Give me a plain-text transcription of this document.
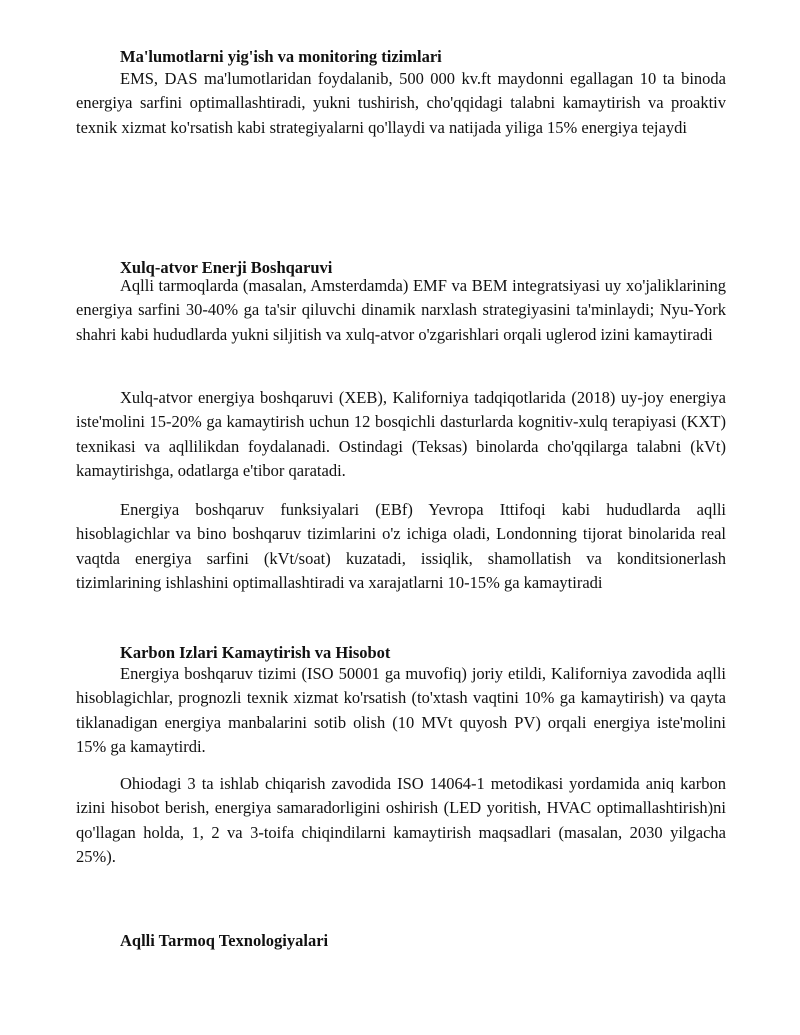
Ma'lumotlarni yig'ish va monitoring tizimlari

EMS, DAS ma'lumotlaridan foydalanib, 500 000 kv.ft maydonni egallagan 10 ta binoda energiya sarfini optimallashtiradi, yukni tushirish, cho'qqidagi talabni kamaytirish va proaktiv texnik xizmat ko'rsatish kabi strategiyalarni qo'llaydi va natijada yiliga 15% energiya tejaydi

Xulq-atvor Enerji Boshqaruvi

Aqlli tarmoqlarda (masalan, Amsterdamda) EMF va BEM integratsiyasi uy xo'jaliklarining energiya sarfini 30-40% ga ta'sir qiluvchi dinamik narxlash strategiyasini ta'minlaydi; Nyu-York shahri kabi hududlarda yukni siljitish va xulq-atvor o'zgarishlari orqali uglerod izini kamaytiradi

Xulq-atvor energiya boshqaruvi (XEB), Kaliforniya tadqiqotlarida (2018) uy-joy energiya iste'molini 15-20% ga kamaytirish uchun 12 bosqichli dasturlarda kognitiv-xulq terapiyasi (KXT) texnikasi va aqllilikdan foydalanadi. Ostindagi (Teksas) binolarda cho'qqilarga talabni (kVt) kamaytirishga, odatlarga e'tibor qaratadi.

Energiya boshqaruv funksiyalari (EBf) Yevropa Ittifoqi kabi hududlarda aqlli hisoblagichlar va bino boshqaruv tizimlarini o'z ichiga oladi, Londonning tijorat binolarida real vaqtda energiya sarfini (kVt/soat) kuzatadi, issiqlik, shamollatish va konditsionerlash tizimlarining ishlashini optimallashtiradi va xarajatlarni 10-15% ga kamaytiradi

Karbon Izlari Kamaytirish va Hisobot

Energiya boshqaruv tizimi (ISO 50001 ga muvofiq) joriy etildi, Kaliforniya zavodida aqlli hisoblagichlar, prognozli texnik xizmat ko'rsatish (to'xtash vaqtini 10% ga kamaytirish) va qayta tiklanadigan energiya manbalarini sotib olish (10 MVt quyosh PV) orqali energiya iste'molini 15% ga kamaytirdi.

Ohiodagi 3 ta ishlab chiqarish zavodida ISO 14064-1 metodikasi yordamida aniq karbon izini hisobot berish, energiya samaradorligini oshirish (LED yoritish, HVAC optimallashtirish)ni qo'llagan holda, 1, 2 va 3-toifa chiqindilarni kamaytirish maqsadlari (masalan, 2030 yilgacha 25%).

Aqlli Tarmoq Texnologiyalari
